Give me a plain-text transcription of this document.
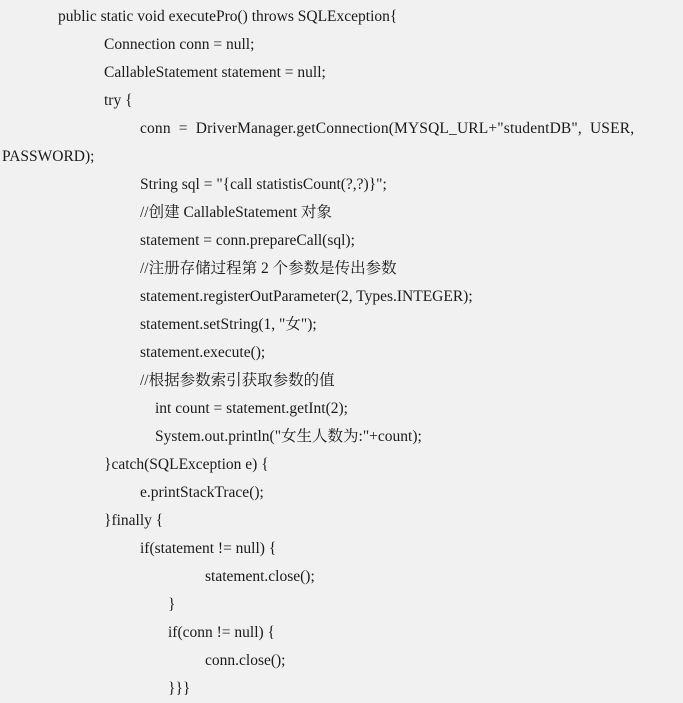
public static void executePro() throws SQLException{
Connection conn = null;
CallableStatement statement = null;
try {
conn  =  DriverManager.getConnection(MYSQL_URL+"studentDB",  USER,
PASSWORD);
String sql = "{call statistisCount(?,?)}";
//创建 CallableStatement 对象
statement = conn.prepareCall(sql);
//注册存储过程第 2 个参数是传出参数
statement.registerOutParameter(2, Types.INTEGER);
statement.setString(1, "女");
statement.execute();
//根据参数索引获取参数的值
int count = statement.getInt(2);
System.out.println("女生人数为:"+count);
}catch(SQLException e) {
e.printStackTrace();
}finally {
if(statement != null) {
statement.close();
}
if(conn != null) {
conn.close();
}}}
